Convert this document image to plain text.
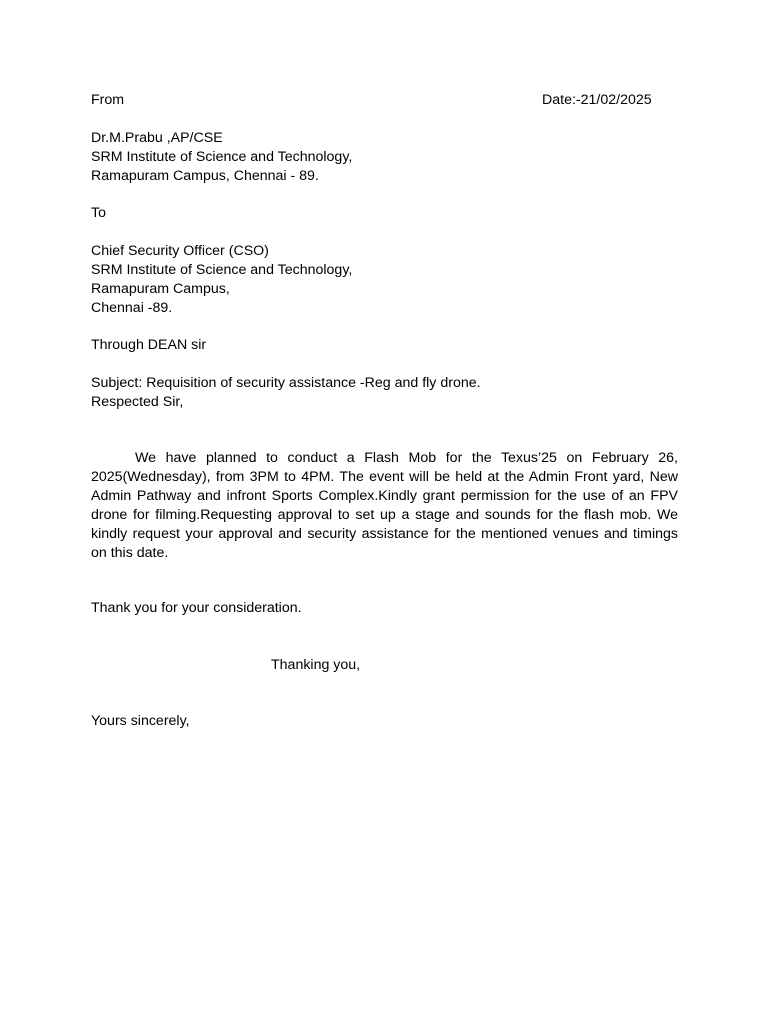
From	Date:-21/02/2025
Dr.M.Prabu ,AP/CSE
SRM Institute of Science and Technology,
Ramapuram Campus, Chennai - 89.
To
Chief Security Officer (CSO)
SRM Institute of Science and Technology,
Ramapuram Campus,
Chennai -89.
Through DEAN sir
Subject: Requisition of security assistance -Reg and fly drone.
Respected Sir,
We have planned to conduct a Flash Mob for the Texus’25 on February 26, 2025(Wednesday), from 3PM to 4PM. The event will be held at the Admin Front yard, New Admin Pathway and infront Sports Complex.Kindly grant permission for the use of an FPV drone for filming.Requesting approval to set up a stage and sounds for the flash mob. We kindly request your approval and security assistance for the mentioned venues and timings on this date.
Thank you for your consideration.
Thanking you,
Yours sincerely,
